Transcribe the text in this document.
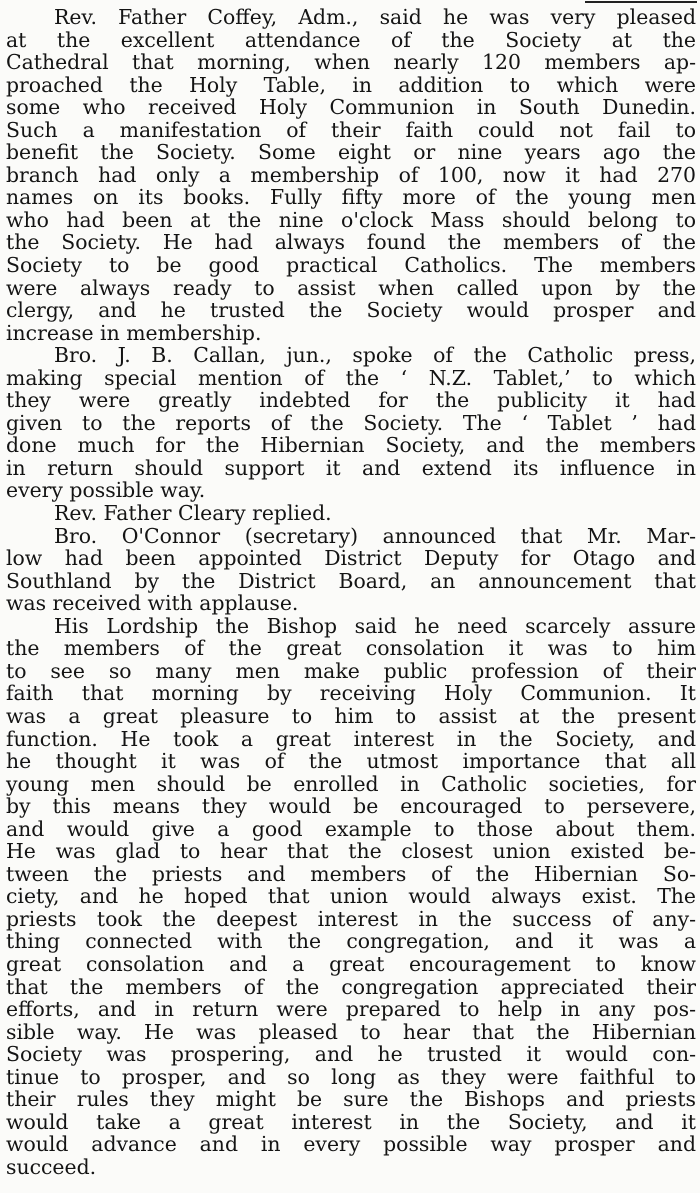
Rev. Father Coffey, Adm., said he was very pleased
at the excellent attendance of the Society at the
Cathedral that morning, when nearly 120 members ap-
proached the Holy Table, in addition to which were
some who received Holy Communion in South Dunedin.
Such a manifestation of their faith could not fail to
benefit the Society. Some eight or nine years ago the
branch had only a membership of 100, now it had 270
names on its books. Fully fifty more of the young men
who had been at the nine o'clock Mass should belong to
the Society. He had always found the members of the
Society to be good practical Catholics. The members
were always ready to assist when called upon by the
clergy, and he trusted the Society would prosper and
increase in membership.
Bro. J. B. Callan, jun., spoke of the Catholic press,
making special mention of the ‘ N.Z. Tablet,’ to which
they were greatly indebted for the publicity it had
given to the reports of the Society. The ‘ Tablet ’ had
done much for the Hibernian Society, and the members
in return should support it and extend its influence in
every possible way.
Rev. Father Cleary replied.
Bro. O'Connor (secretary) announced that Mr. Mar-
low had been appointed District Deputy for Otago and
Southland by the District Board, an announcement that
was received with applause.
His Lordship the Bishop said he need scarcely assure
the members of the great consolation it was to him
to see so many men make public profession of their
faith that morning by receiving Holy Communion. It
was a great pleasure to him to assist at the present
function. He took a great interest in the Society, and
he thought it was of the utmost importance that all
young men should be enrolled in Catholic societies, for
by this means they would be encouraged to persevere,
and would give a good example to those about them.
He was glad to hear that the closest union existed be-
tween the priests and members of the Hibernian So-
ciety, and he hoped that union would always exist. The
priests took the deepest interest in the success of any-
thing connected with the congregation, and it was a
great consolation and a great encouragement to know
that the members of the congregation appreciated their
efforts, and in return were prepared to help in any pos-
sible way. He was pleased to hear that the Hibernian
Society was prospering, and he trusted it would con-
tinue to prosper, and so long as they were faithful to
their rules they might be sure the Bishops and priests
would take a great interest in the Society, and it
would advance and in every possible way prosper and
succeed.
